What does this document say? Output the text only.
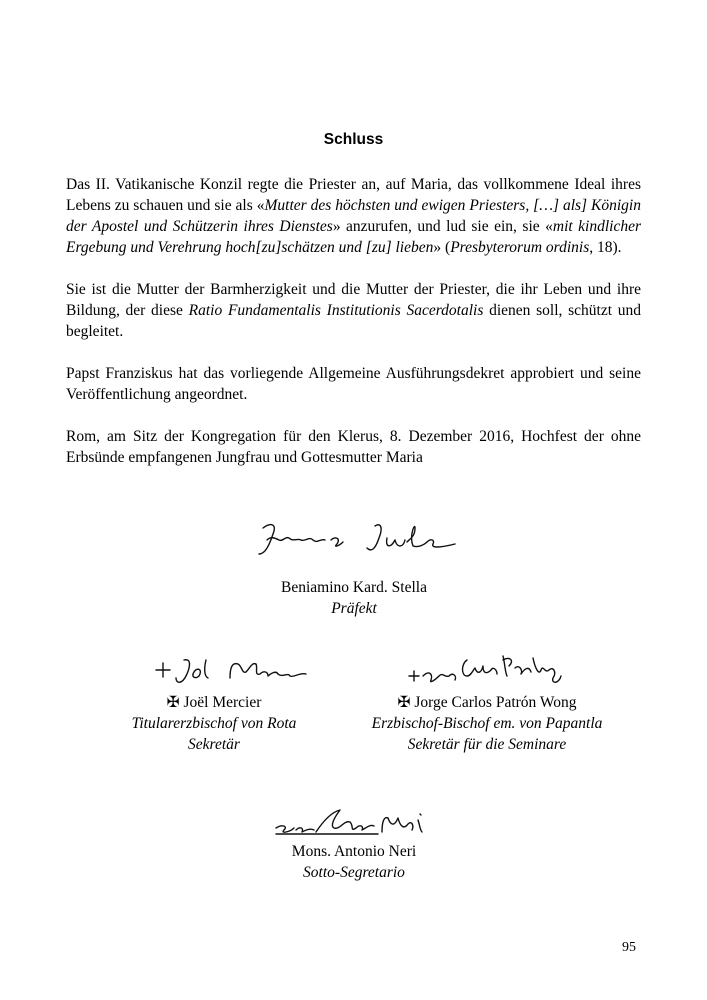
Schluss

Das II. Vatikanische Konzil regte die Priester an, auf Maria, das vollkommene Ideal ihres Lebens zu schauen und sie als «Mutter des höchsten und ewigen Priesters, […] als] Königin der Apostel und Schützerin ihres Dienstes» anzurufen, und lud sie ein, sie «mit kindlicher Ergebung und Verehrung hoch[zu]schätzen und [zu] lieben» (Presbyterorum ordinis, 18).

Sie ist die Mutter der Barmherzigkeit und die Mutter der Priester, die ihr Leben und ihre Bildung, der diese Ratio Fundamentalis Institutionis Sacerdotalis dienen soll, schützt und begleitet.

Papst Franziskus hat das vorliegende Allgemeine Ausführungsdekret approbiert und seine Veröffentlichung angeordnet.

Rom, am Sitz der Kongregation für den Klerus, 8. Dezember 2016, Hochfest der ohne Erbsünde empfangenen Jungfrau und Gottesmutter Maria

Beniamino Kard. Stella
Präfekt
✠ Joël Mercier
Titularerzbischof von Rota
Sekretär
✠ Jorge Carlos Patrón Wong
Erzbischof-Bischof em. von Papantla
Sekretär für die Seminare
Mons. Antonio Neri
Sotto-Segretario
95
